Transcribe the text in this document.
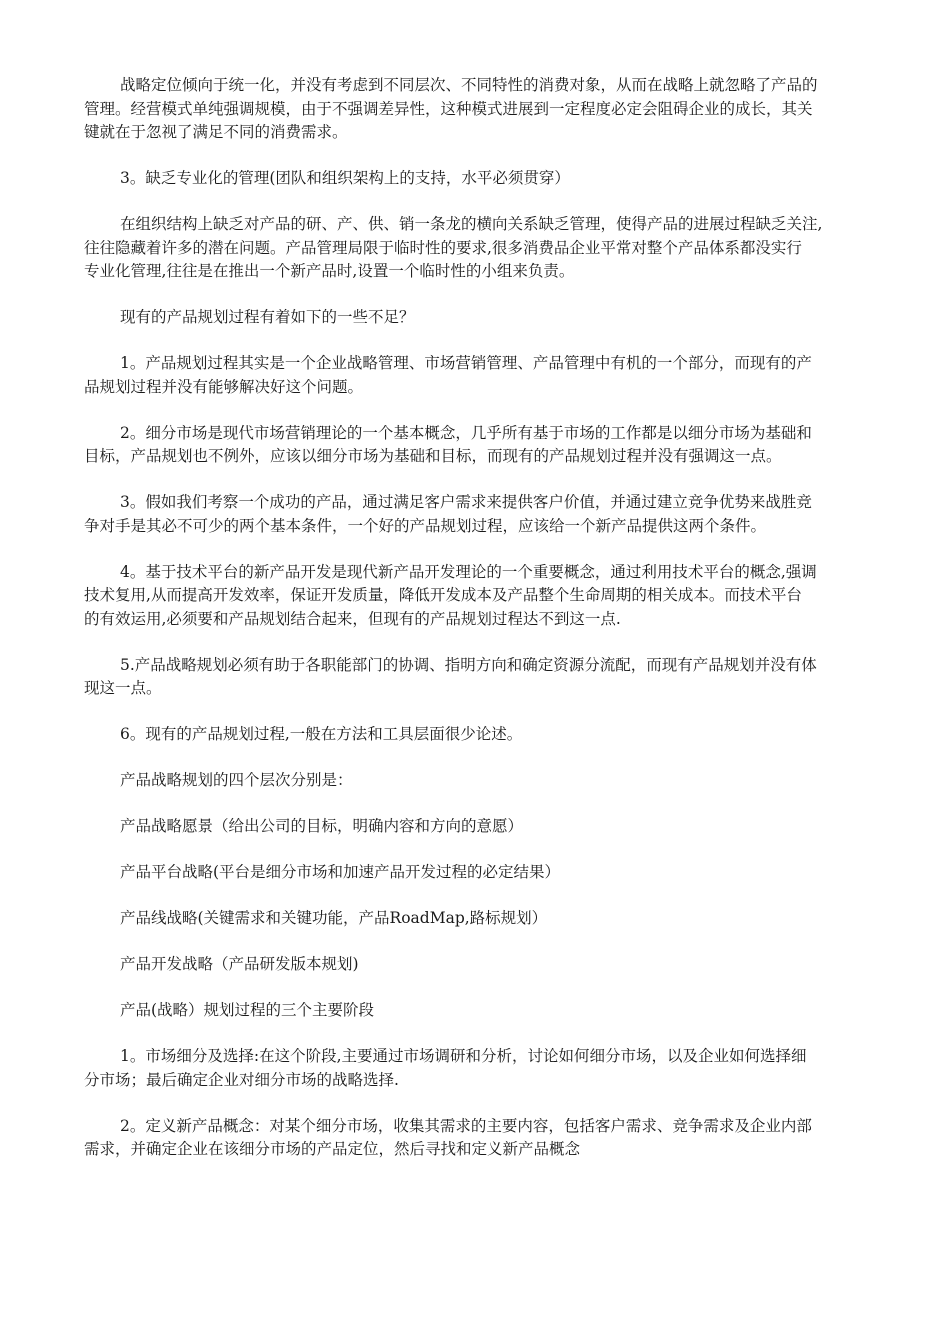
战略定位倾向于统一化，并没有考虑到不同层次、不同特性的消费对象，从而在战略上就忽略了产品的
管理。经营模式单纯强调规模，由于不强调差异性，这种模式进展到一定程度必定会阻碍企业的成长，其关
键就在于忽视了满足不同的消费需求。

3。缺乏专业化的管理(团队和组织架构上的支持，水平必须贯穿）

在组织结构上缺乏对产品的研、产、供、销一条龙的横向关系缺乏管理，使得产品的进展过程缺乏关注,
往往隐藏着许多的潜在问题。产品管理局限于临时性的要求,很多消费品企业平常对整个产品体系都没实行
专业化管理,往往是在推出一个新产品时,设置一个临时性的小组来负责。

现有的产品规划过程有着如下的一些不足？

1。产品规划过程其实是一个企业战略管理、市场营销管理、产品管理中有机的一个部分，而现有的产
品规划过程并没有能够解决好这个问题。

2。细分市场是现代市场营销理论的一个基本概念，几乎所有基于市场的工作都是以细分市场为基础和
目标，产品规划也不例外，应该以细分市场为基础和目标，而现有的产品规划过程并没有强调这一点。

3。假如我们考察一个成功的产品，通过满足客户需求来提供客户价值，并通过建立竞争优势来战胜竞
争对手是其必不可少的两个基本条件，一个好的产品规划过程，应该给一个新产品提供这两个条件。

4。基于技术平台的新产品开发是现代新产品开发理论的一个重要概念，通过利用技术平台的概念,强调
技术复用,从而提高开发效率，保证开发质量，降低开发成本及产品整个生命周期的相关成本。而技术平台
的有效运用,必须要和产品规划结合起来，但现有的产品规划过程达不到这一点.

5.产品战略规划必须有助于各职能部门的协调、指明方向和确定资源分流配，而现有产品规划并没有体
现这一点。

6。现有的产品规划过程,一般在方法和工具层面很少论述。

产品战略规划的四个层次分别是：

产品战略愿景（给出公司的目标，明确内容和方向的意愿）

产品平台战略(平台是细分市场和加速产品开发过程的必定结果）

产品线战略(关键需求和关键功能，产品RoadMap,路标规划）

产品开发战略（产品研发版本规划)

产品(战略）规划过程的三个主要阶段

1。市场细分及选择:在这个阶段,主要通过市场调研和分析，讨论如何细分市场，以及企业如何选择细
分市场；最后确定企业对细分市场的战略选择.

2。定义新产品概念：对某个细分市场，收集其需求的主要内容，包括客户需求、竞争需求及企业内部
需求，并确定企业在该细分市场的产品定位，然后寻找和定义新产品概念
